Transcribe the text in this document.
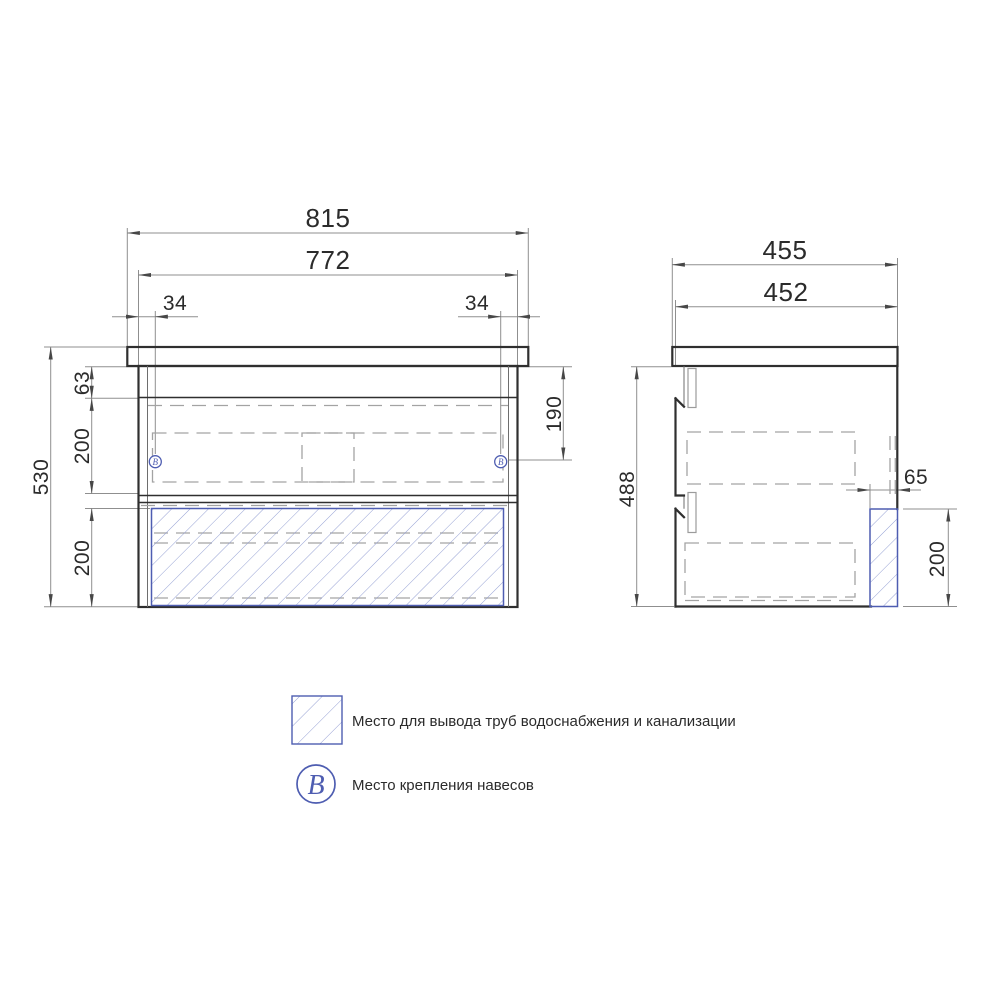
В	В
815
772
34	34
530
63
200
200
190
455
452
488	65
200
Место для вывода труб водоснабжения и канализации
В Место крепления навесов
